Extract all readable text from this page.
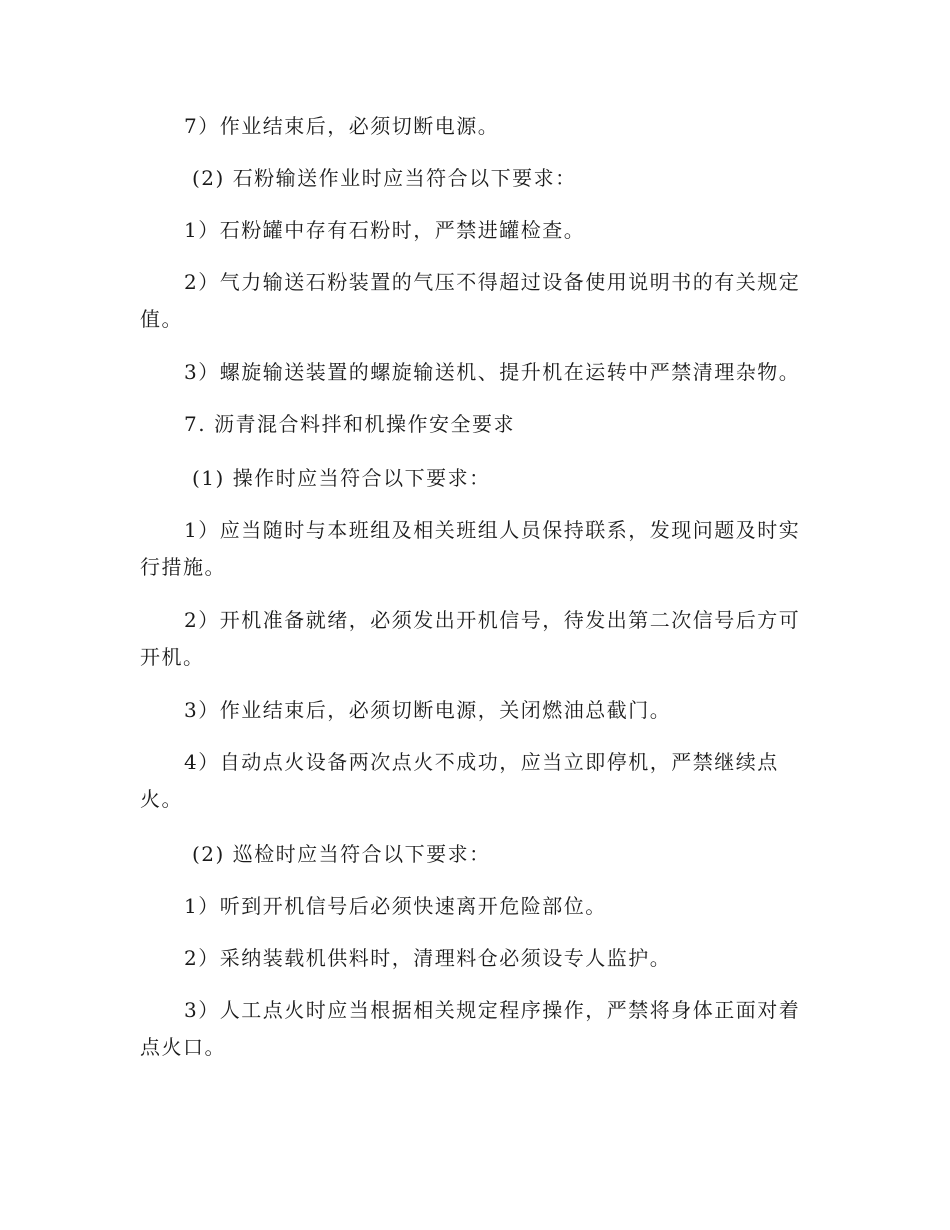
7）作业结束后，必须切断电源。

(2) 石粉输送作业时应当符合以下要求：

1）石粉罐中存有石粉时，严禁进罐检查。

2）气力输送石粉装置的气压不得超过设备使用说明书的有关规定值。

3）螺旋输送装置的螺旋输送机、提升机在运转中严禁清理杂物。

7. 沥青混合料拌和机操作安全要求

(1) 操作时应当符合以下要求：

1）应当随时与本班组及相关班组人员保持联系，发现问题及时实行措施。

2）开机准备就绪，必须发出开机信号，待发出第二次信号后方可开机。

3）作业结束后，必须切断电源，关闭燃油总截门。

4）自动点火设备两次点火不成功，应当立即停机，严禁继续点火。

(2) 巡检时应当符合以下要求：

1）听到开机信号后必须快速离开危险部位。

2）采纳装载机供料时，清理料仓必须设专人监护。

3）人工点火时应当根据相关规定程序操作，严禁将身体正面对着点火口。
